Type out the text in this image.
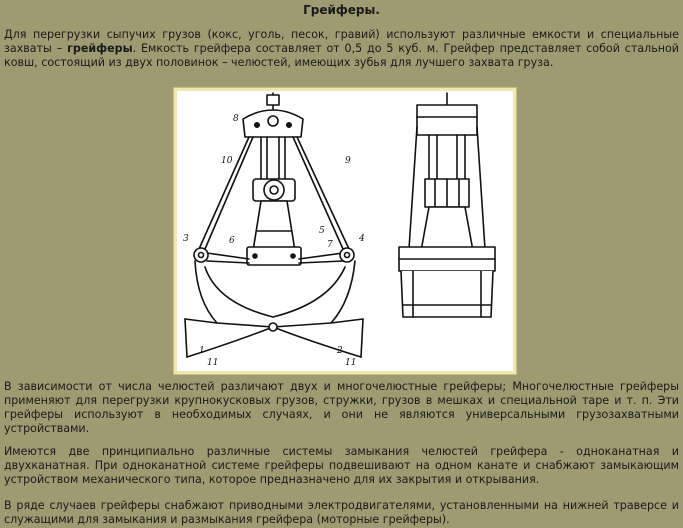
Грейферы.

Для перегрузки сыпучих грузов (кокс, уголь, песок, гравий) используют различные емкости и специальные захваты – грейферы. Емкость грейфера составляет от 0,5 до 5 куб. м. Грейфер представляет собой стальной ковш, состоящий из двух половинок – челюстей, имеющих зубья для лучшего захвата груза.

8
10	9
5
3	6	7
4
1
11
2
11

В зависимости от числа челюстей различают двух и многочелюстные грейферы; Многочелюстные грейферы применяют для перегрузки крупнокусковых грузов, стружки, грузов в мешках и специальной таре и т. п. Эти грейферы используют в необходимых случаях, и они не являются универсальными грузозахватными устройствами.

Имеются две принципиально различные системы замыкания челюстей грейфера - одноканатная и двухканатная. При одноканатной системе грейферы подвешивают на одном канате и снабжают замыкающим устройством механического типа, которое предназначено для их закрытия и открывания.

В ряде случаев грейферы снабжают приводными электродвигателями, установленными на нижней траверсе и служащими для замыкания и размыкания грейфера (моторные грейферы).
